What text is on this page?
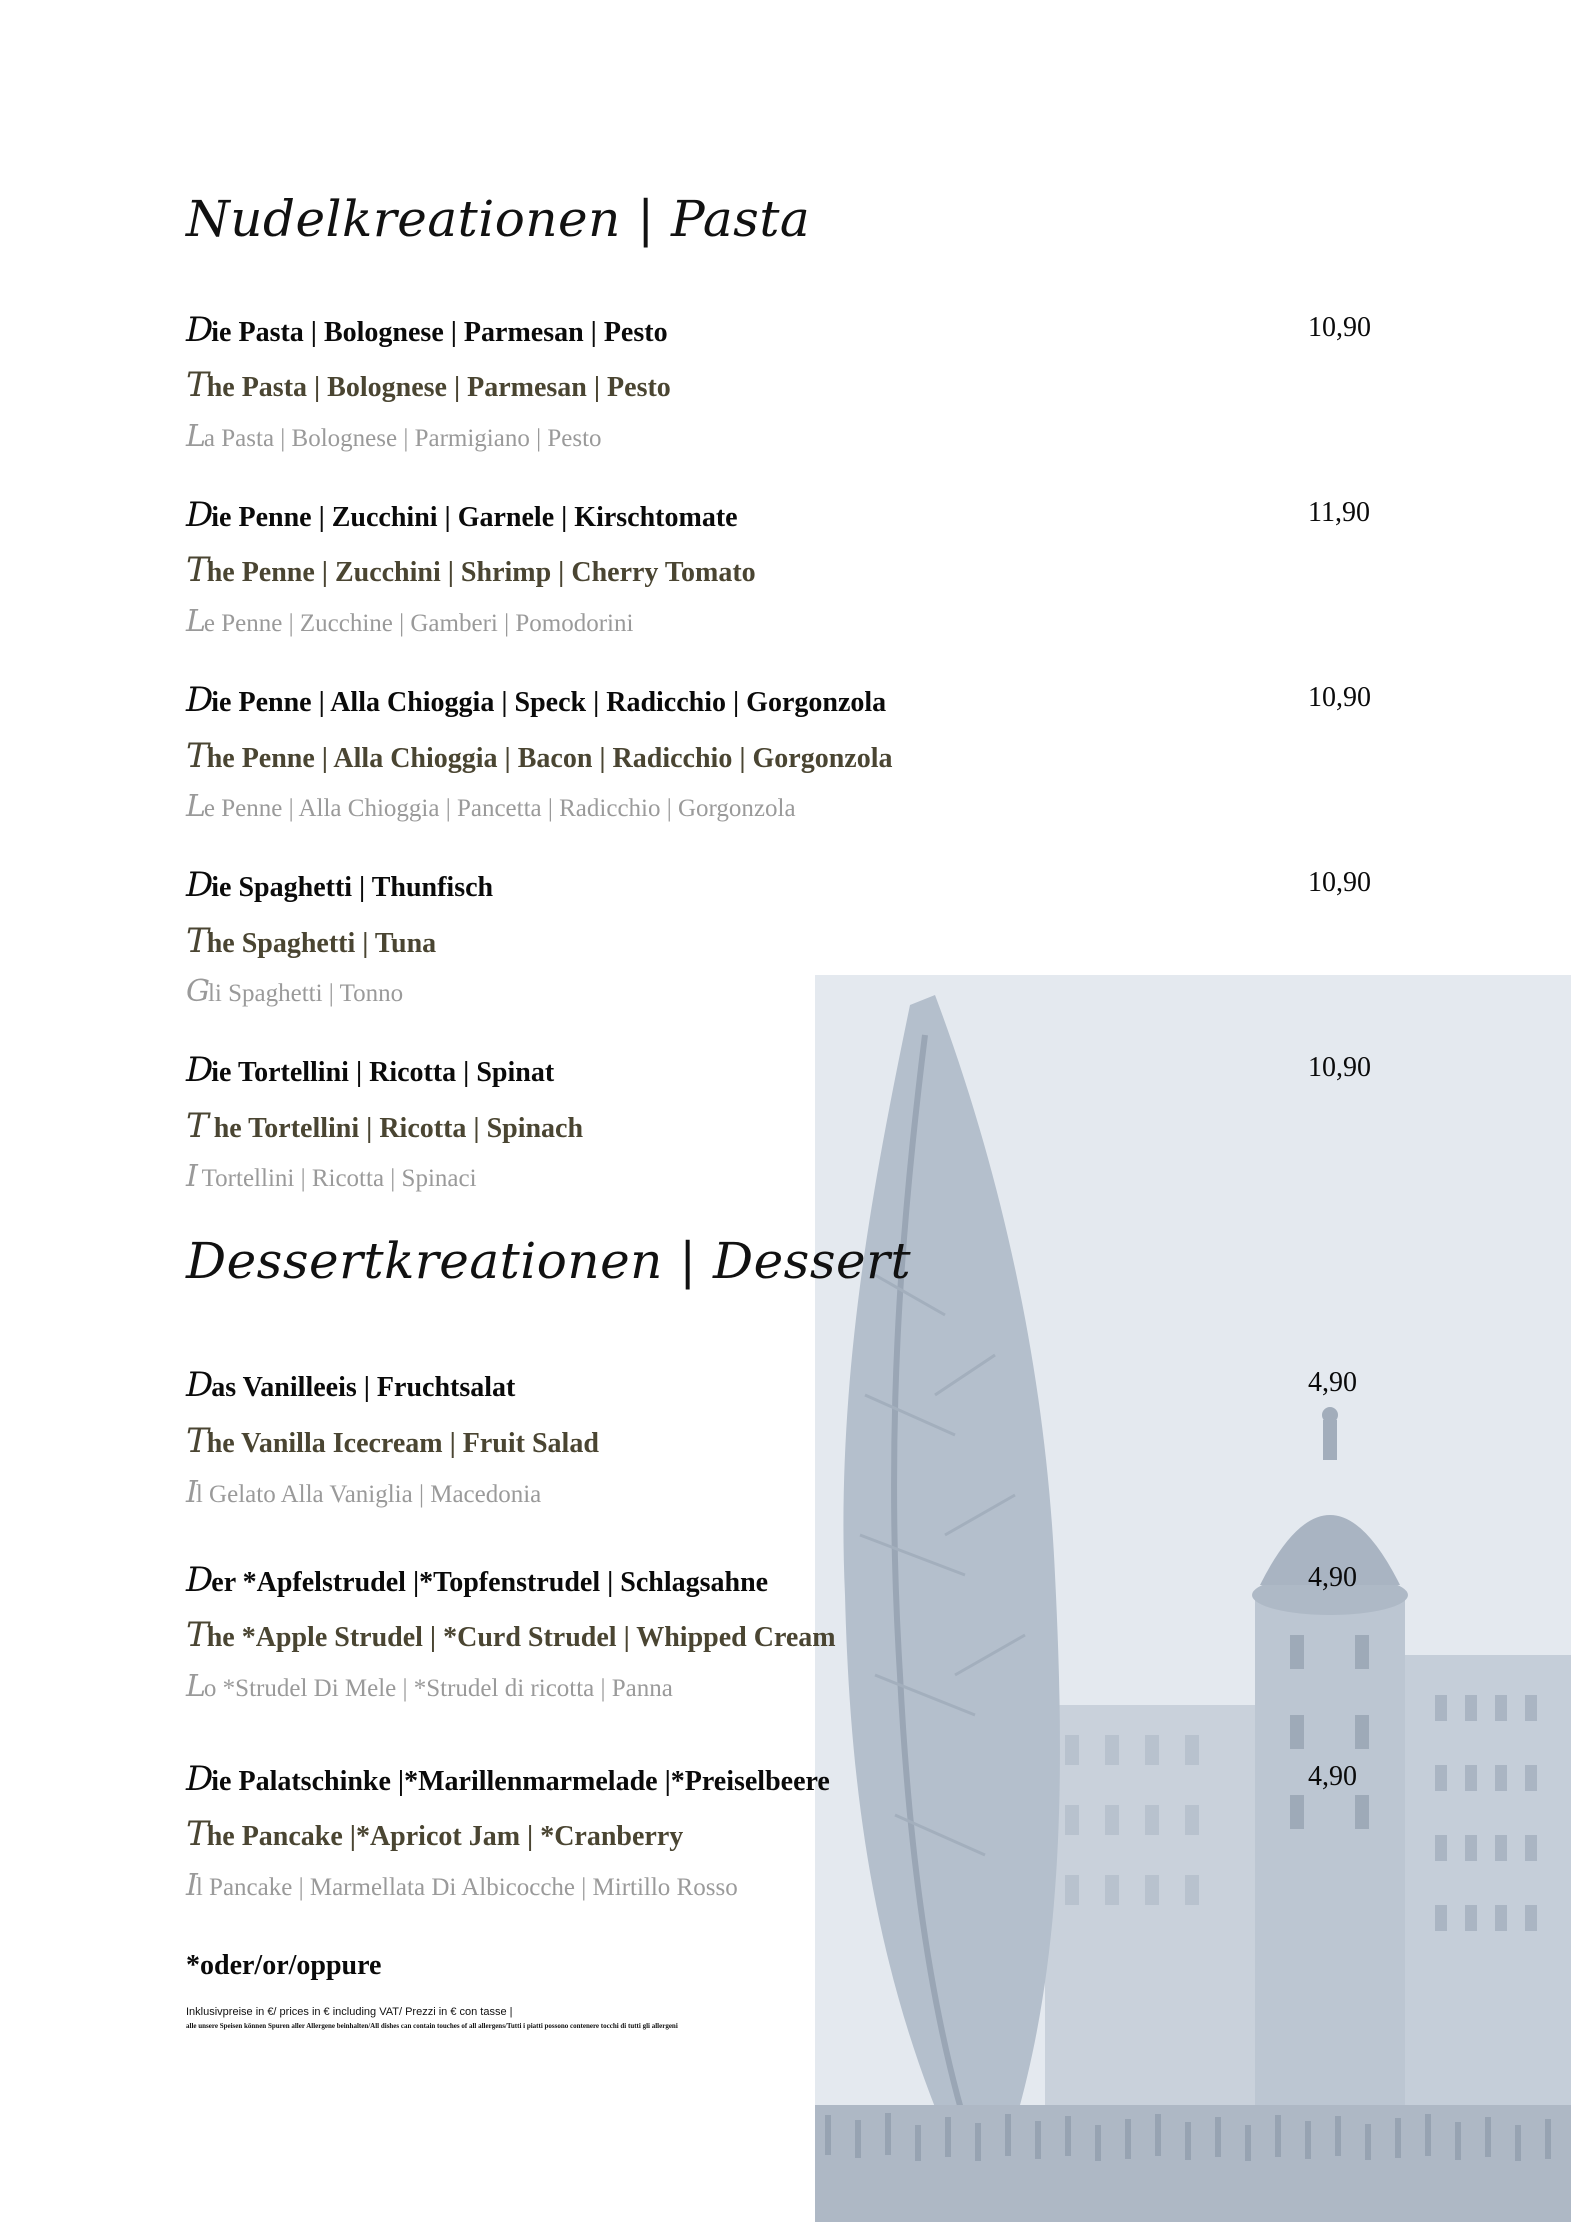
Nudelkreationen | Pasta
Die Pasta | Bolognese | Parmesan | Pesto	10,90
The Pasta | Bolognese | Parmesan | Pesto
La Pasta | Bolognese | Parmigiano | Pesto
Die Penne | Zucchini | Garnele | Kirschtomate	11,90
The Penne | Zucchini | Shrimp | Cherry Tomato
Le Penne | Zucchine | Gamberi | Pomodorini
Die Penne | Alla Chioggia | Speck | Radicchio | Gorgonzola	10,90
The Penne | Alla Chioggia | Bacon | Radicchio | Gorgonzola
Le Penne | Alla Chioggia | Pancetta | Radicchio | Gorgonzola
Die Spaghetti | Thunfisch	10,90
The Spaghetti | Tuna
Gli Spaghetti | Tonno
Die Tortellini | Ricotta | Spinat	10,90
T he Tortellini | Ricotta | Spinach
I Tortellini | Ricotta | Spinaci
Dessertkreationen | Dessert
Das Vanilleeis | Fruchtsalat	4,90
The Vanilla Icecream | Fruit Salad
Il Gelato Alla Vaniglia | Macedonia
Der *Apfelstrudel |*Topfenstrudel | Schlagsahne	4,90
The *Apple Strudel | *Curd Strudel | Whipped Cream
Lo *Strudel Di Mele | *Strudel di ricotta | Panna
Die Palatschinke |*Marillenmarmelade |*Preiselbeere	4,90
The Pancake |*Apricot Jam | *Cranberry
Il Pancake | Marmellata Di Albicocche | Mirtillo Rosso
*oder/or/oppure
Inklusivpreise in €/ prices in € including VAT/ Prezzi in € con tasse |
alle unsere Speisen können Spuren aller Allergene beinhalten/All dishes can contain touches of all allergens/Tutti i piatti possono contenere tocchi di tutti gli allergeni
